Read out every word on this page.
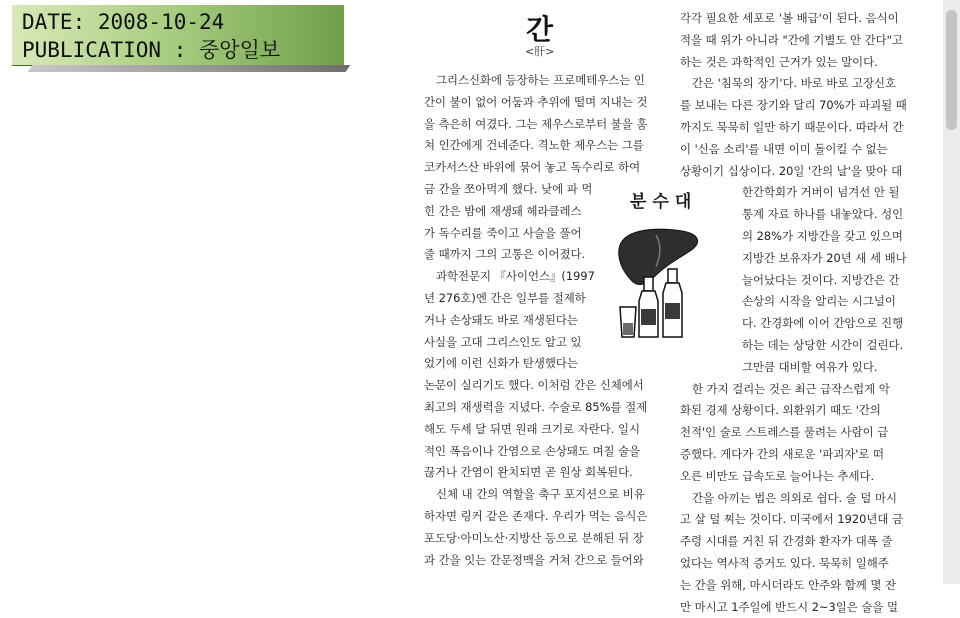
DATE: 2008-10-24
PUBLICATION : 중앙일보
간
<肝>
그리스신화에 등장하는 프로메테우스는 인
간이 불이 없어 어둠과 추위에 떨며 지내는 것
을 측은히 여겼다. 그는 제우스로부터 불을 훔
쳐 인간에게 건네준다. 격노한 제우스는 그를
코카서스산 바위에 묶어 놓고 독수리로 하여
금 간을 쪼아먹게 했다. 낮에 파 먹
힌 간은 밤에 재생돼 헤라클레스
가 독수리를 죽이고 사슬을 풀어
줄 때까지 그의 고통은 이어졌다.
과학전문지 『사이언스』(1997
년 276호)엔 간은 일부를 절제하
거나 손상돼도 바로 재생된다는
사실을 고대 그리스인도 알고 있
었기에 이런 신화가 탄생했다는
논문이 실리기도 했다. 이처럼 간은 신체에서
최고의 재생력을 지녔다. 수술로 85%를 절제
해도 두세 달 뒤면 원래 크기로 자란다. 일시
적인 폭음이나 간염으로 손상돼도 며칠 술을
끊거나 간염이 완치되면 곧 원상 회복된다.
신체 내 간의 역할을 축구 포지션으로 비유
하자면 링커 같은 존재다. 우리가 먹는 음식은
포도당·아미노산·지방산 등으로 분해된 뒤 장
과 간을 잇는 간문정맥을 거쳐 간으로 들어와
각각 필요한 세포로 '볼 배급'이 된다. 음식이
적을 때 위가 아니라 "간에 기별도 안 간다"고
하는 것은 과학적인 근거가 있는 말이다.
간은 '침묵의 장기'다. 바로 바로 고장신호
를 보내는 다른 장기와 달리 70%가 파괴될 때
까지도 묵묵히 일만 하기 때문이다. 따라서 간
이 '신음 소리'를 내면 이미 돌이킬 수 없는
상황이기 십상이다. 20일 '간의 날'을 맞아 대
한간학회가 거버이 넘겨선 안 될
통계 자료 하나를 내놓았다. 성인
의 28%가 지방간을 갖고 있으며
지방간 보유자가 20년 새 세 배나
늘어났다는 것이다. 지방간은 간
손상의 시작을 알리는 시그널이
다. 간경화에 이어 간암으로 진행
하는 데는 상당한 시간이 걸린다.
그만큼 대비할 여유가 있다.
한 가지 걸리는 것은 최근 급작스럽게 악
화된 경제 상황이다. 외환위기 때도 '간의
천적'인 술로 스트레스를 풀려는 사람이 급
증했다. 게다가 간의 새로운 '파괴자'로 떠
오른 비만도 급속도로 늘어나는 추세다.
간을 아끼는 법은 의외로 쉽다. 술 덜 마시
고 살 덜 찌는 것이다. 미국에서 1920년대 금
주령 시대를 거친 뒤 간경화 환자가 대폭 줄
었다는 역사적 증거도 있다. 묵묵히 일해주
는 간을 위해, 마시더라도 안주와 함께 몇 잔
만 마시고 1주일에 반드시 2~3일은 술을 멀
분수대
